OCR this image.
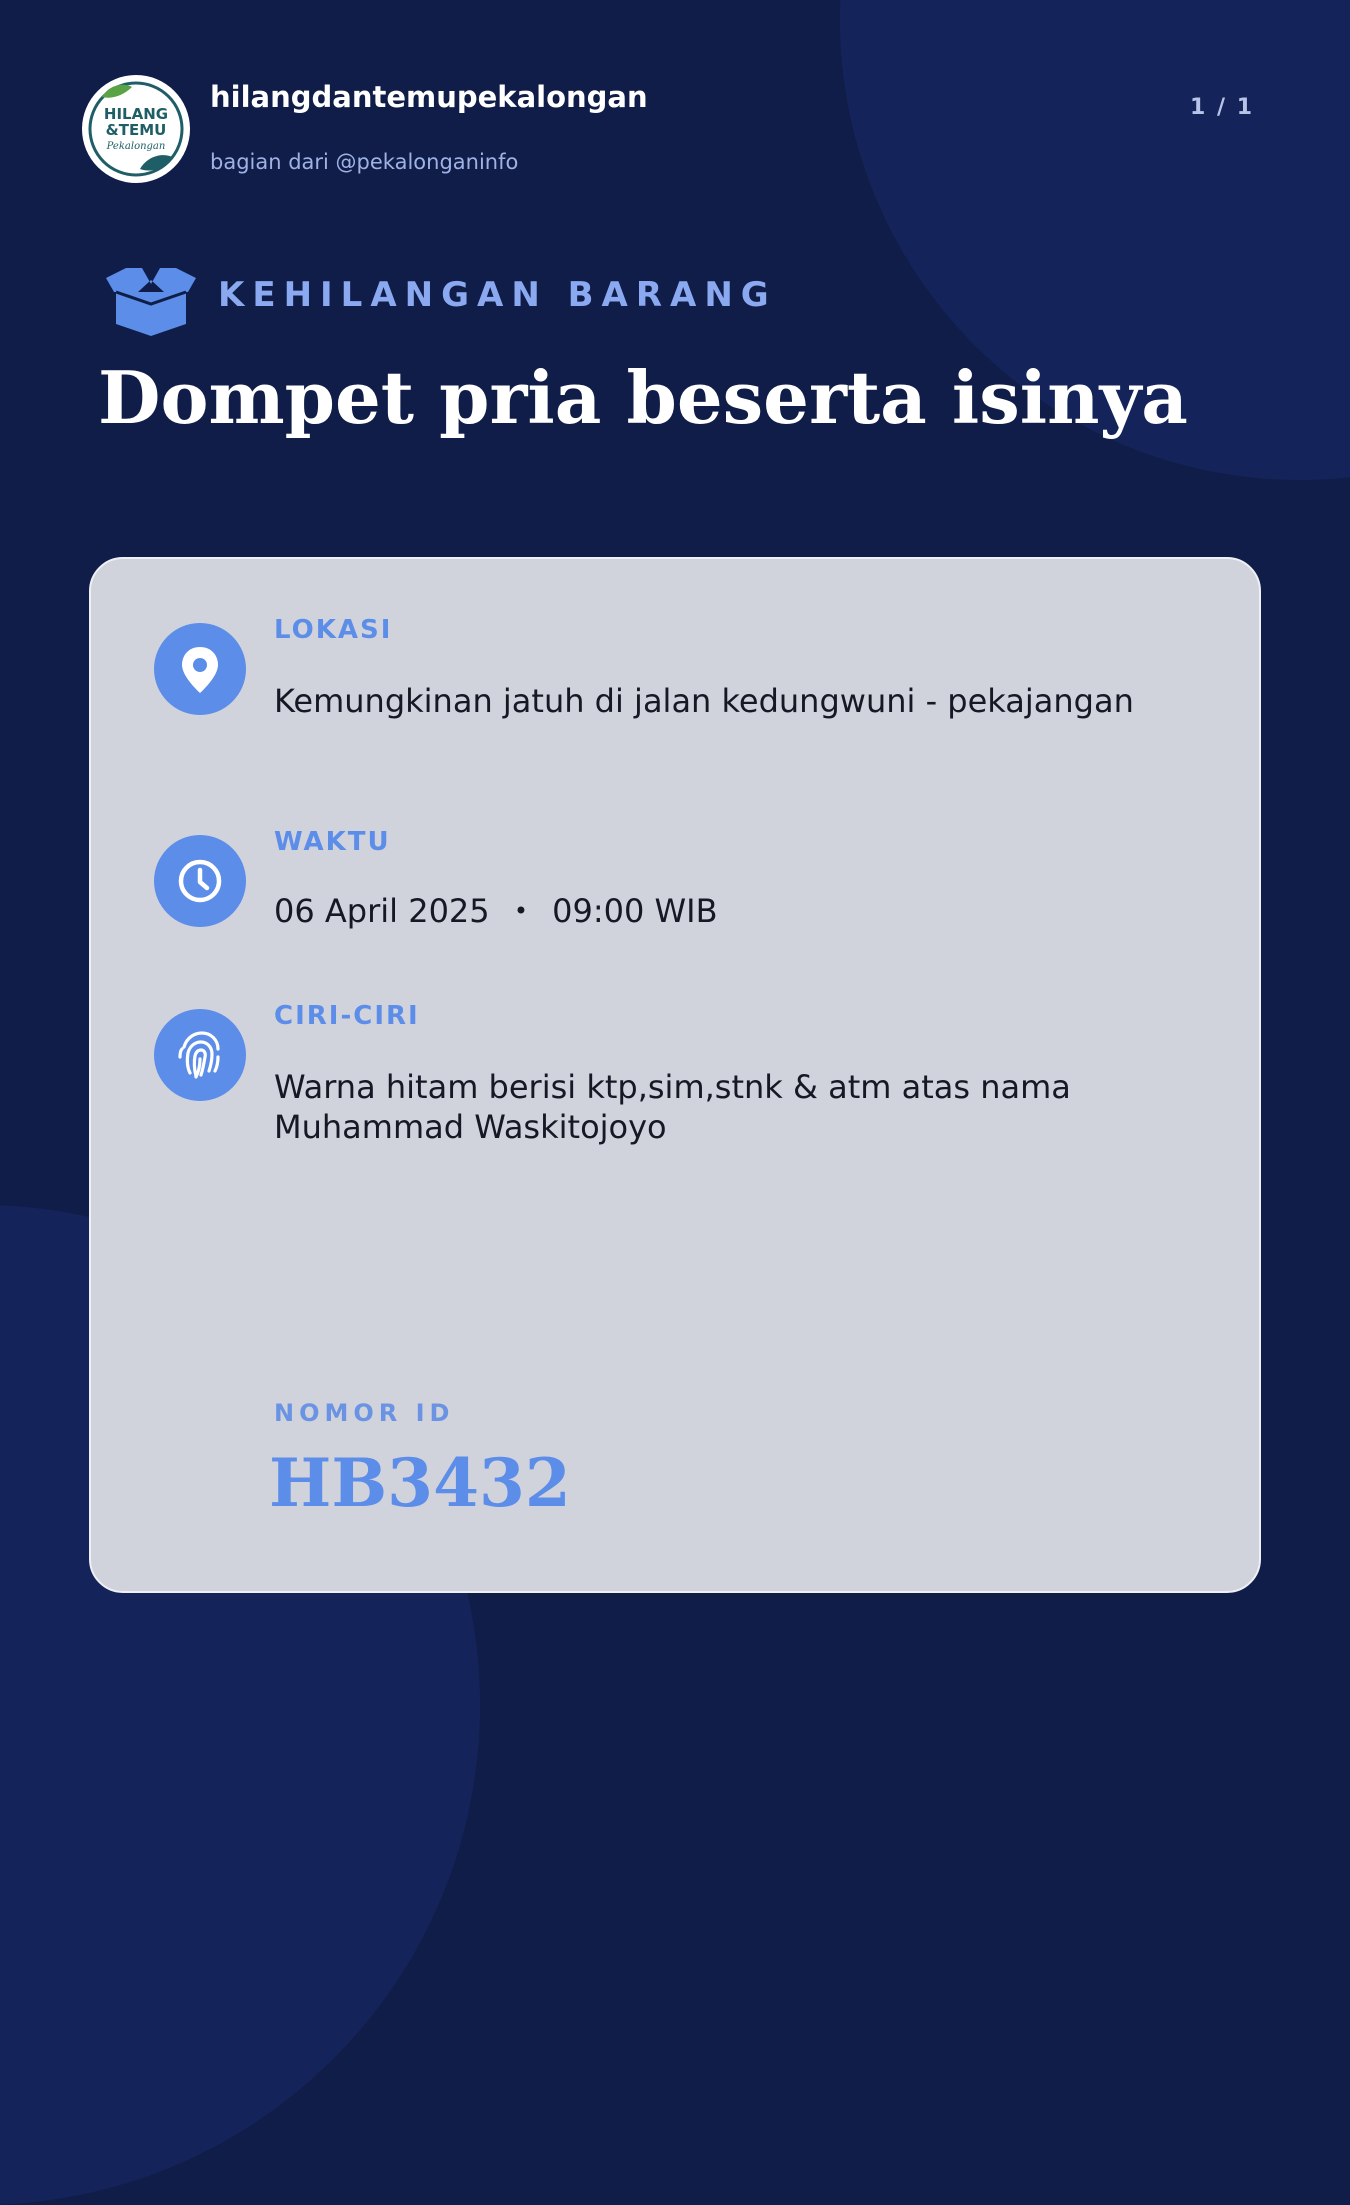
HILANG
&TEMU
Pekalongan
hilangdantemupekalongan
bagian dari @pekalonganinfo
1 / 1
KEHILANGAN BARANG
Dompet pria beserta isinya
LOKASI
Kemungkinan jatuh di jalan kedungwuni - pekajangan
WAKTU
06 April 2025 • 09:00 WIB
CIRI-CIRI
Warna hitam berisi ktp,sim,stnk & atm atas nama Muhammad Waskitojoyo
NOMOR ID
HB3432
